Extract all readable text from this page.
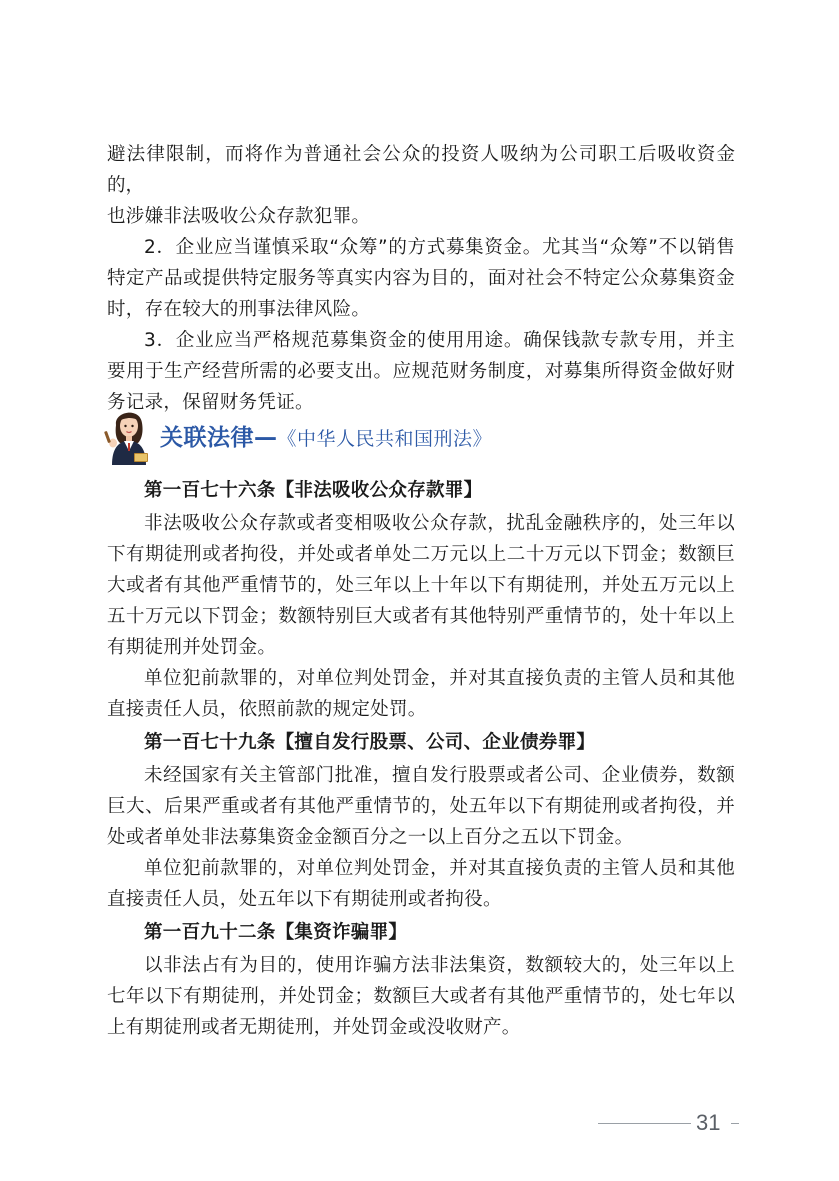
避法律限制，而将作为普通社会公众的投资人吸纳为公司职工后吸收资金的，

也涉嫌非法吸收公众存款犯罪。

2．企业应当谨慎采取“众筹”的方式募集资金。尤其当“众筹”不以销售特定产品或提供特定服务等真实内容为目的，面对社会不特定公众募集资金时，存在较大的刑事法律风险。

3．企业应当严格规范募集资金的使用用途。确保钱款专款专用，并主要用于生产经营所需的必要支出。应规范财务制度，对募集所得资金做好财务记录，保留财务凭证。

关联法律—《中华人民共和国刑法》

第一百七十六条【非法吸收公众存款罪】

非法吸收公众存款或者变相吸收公众存款，扰乱金融秩序的，处三年以下有期徒刑或者拘役，并处或者单处二万元以上二十万元以下罚金；数额巨大或者有其他严重情节的，处三年以上十年以下有期徒刑，并处五万元以上五十万元以下罚金；数额特别巨大或者有其他特别严重情节的，处十年以上有期徒刑并处罚金。

单位犯前款罪的，对单位判处罚金，并对其直接负责的主管人员和其他直接责任人员，依照前款的规定处罚。

第一百七十九条【擅自发行股票、公司、企业债券罪】

未经国家有关主管部门批准，擅自发行股票或者公司、企业债券，数额巨大、后果严重或者有其他严重情节的，处五年以下有期徒刑或者拘役，并处或者单处非法募集资金金额百分之一以上百分之五以下罚金。

单位犯前款罪的，对单位判处罚金，并对其直接负责的主管人员和其他直接责任人员，处五年以下有期徒刑或者拘役。

第一百九十二条【集资诈骗罪】

以非法占有为目的，使用诈骗方法非法集资，数额较大的，处三年以上七年以下有期徒刑，并处罚金；数额巨大或者有其他严重情节的，处七年以上有期徒刑或者无期徒刑，并处罚金或没收财产。

31
